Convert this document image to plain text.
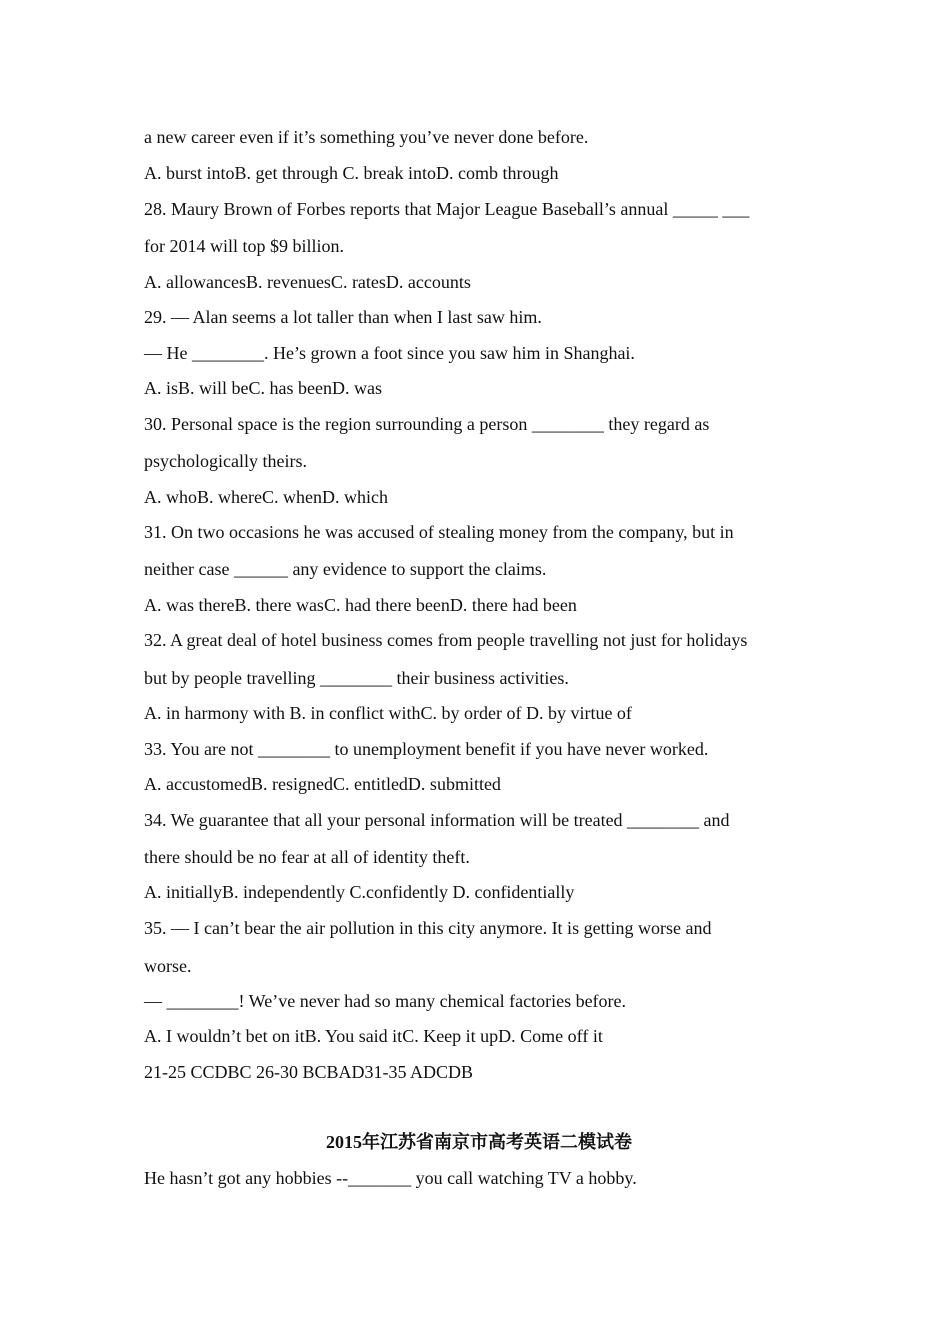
a new career even if it’s something you’ve never done before.
A. burst intoB. get through C. break intoD. comb through
28. Maury Brown of Forbes reports that Major League Baseball’s annual _____ ___
for 2014 will top $9 billion.
A. allowancesB. revenuesC. ratesD. accounts
29. — Alan seems a lot taller than when I last saw him.
— He ________. He’s grown a foot since you saw him in Shanghai.
A. isB. will beC. has beenD. was
30. Personal space is the region surrounding a person ________ they regard as
psychologically theirs.
A. whoB. whereC. whenD. which
31. On two occasions he was accused of stealing money from the company, but in
neither case ______ any evidence to support the claims.
A. was thereB. there wasC. had there beenD. there had been
32. A great deal of hotel business comes from people travelling not just for holidays
but by people travelling ________ their business activities.
A. in harmony with B. in conflict withC. by order of D. by virtue of
33. You are not ________ to unemployment benefit if you have never worked.
A. accustomedB. resignedC. entitledD. submitted
34. We guarantee that all your personal information will be treated ________ and
there should be no fear at all of identity theft.
A. initiallyB. independently C.confidently D. confidentially
35. — I can’t bear the air pollution in this city anymore. It is getting worse and
worse.
— ________! We’ve never had so many chemical factories before.
A. I wouldn’t bet on itB. You said itC. Keep it upD. Come off it
21-25 CCDBC 26-30 BCBAD31-35 ADCDB
2015年江苏省南京市高考英语二模试卷
He hasn’t got any hobbies --_______ you call watching TV a hobby.
